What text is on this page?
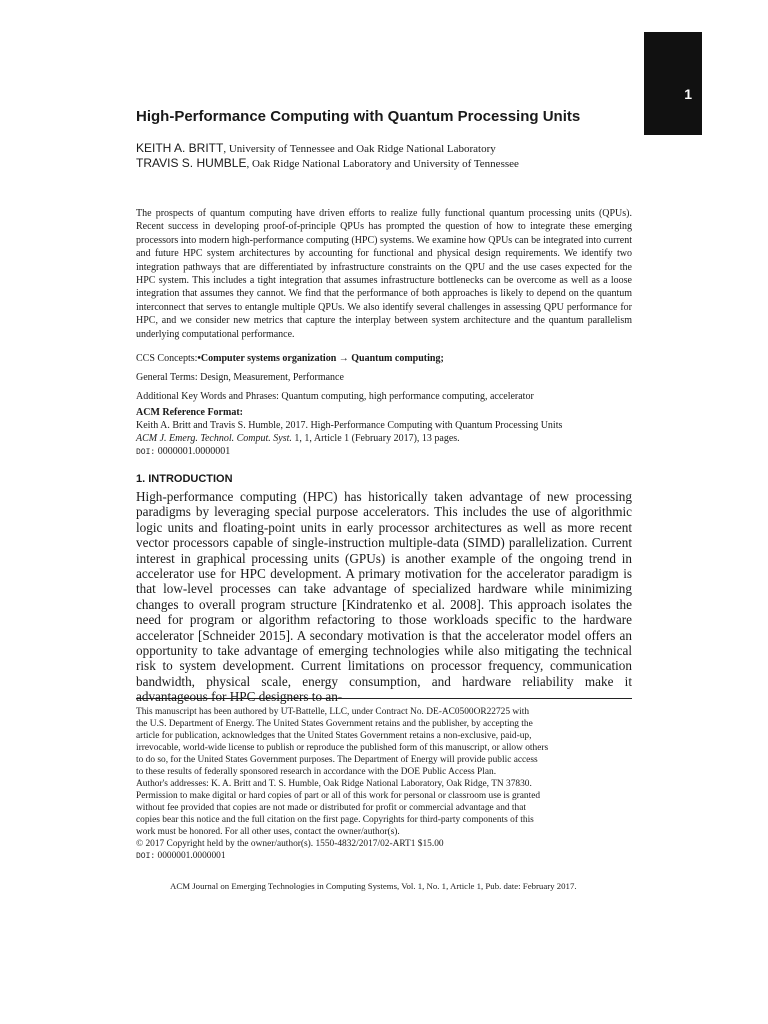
1
High-Performance Computing with Quantum Processing Units
KEITH A. BRITT, University of Tennessee and Oak Ridge National Laboratory
TRAVIS S. HUMBLE, Oak Ridge National Laboratory and University of Tennessee

The prospects of quantum computing have driven efforts to realize fully functional quantum processing units (QPUs). Recent success in developing proof-of-principle QPUs has prompted the question of how to integrate these emerging processors into modern high-performance computing (HPC) systems. We examine how QPUs can be integrated into current and future HPC system architectures by accounting for functional and physical design requirements. We identify two integration pathways that are differentiated by infrastructure constraints on the QPU and the use cases expected for the HPC system. This includes a tight integration that assumes infrastructure bottlenecks can be overcome as well as a loose integration that assumes they cannot. We find that the performance of both approaches is likely to depend on the quantum interconnect that serves to entangle multiple QPUs. We also identify several challenges in assessing QPU performance for HPC, and we consider new metrics that capture the interplay between system architecture and the quantum parallelism underlying computational performance.

CCS Concepts:•Computer systems organization → Quantum computing;
General Terms: Design, Measurement, Performance
Additional Key Words and Phrases: Quantum computing, high performance computing, accelerator
ACM Reference Format:
Keith A. Britt and Travis S. Humble, 2017. High-Performance Computing with Quantum Processing Units
ACM J. Emerg. Technol. Comput. Syst. 1, 1, Article 1 (February 2017), 13 pages.
DOI: 0000001.0000001
1. INTRODUCTION

High-performance computing (HPC) has historically taken advantage of new processing paradigms by leveraging special purpose accelerators. This includes the use of algorithmic logic units and floating-point units in early processor architectures as well as more recent vector processors capable of single-instruction multiple-data (SIMD) parallelization. Current interest in graphical processing units (GPUs) is another example of the ongoing trend in accelerator use for HPC development. A primary motivation for the accelerator paradigm is that low-level processes can take advantage of specialized hardware while minimizing changes to overall program structure [Kindratenko et al. 2008]. This approach isolates the need for program or algorithm refactoring to those workloads specific to the hardware accelerator [Schneider 2015]. A secondary motivation is that the accelerator model offers an opportunity to take advantage of emerging technologies while also mitigating the technical risk to system development. Current limitations on processor frequency, communication bandwidth, physical scale, energy consumption, and hardware reliability make it advantageous for HPC designers to an-

This manuscript has been authored by UT-Battelle, LLC, under Contract No. DE-AC0500OR22725 with
the U.S. Department of Energy. The United States Government retains and the publisher, by accepting the
article for publication, acknowledges that the United States Government retains a non-exclusive, paid-up,
irrevocable, world-wide license to publish or reproduce the published form of this manuscript, or allow others
to do so, for the United States Government purposes. The Department of Energy will provide public access
to these results of federally sponsored research in accordance with the DOE Public Access Plan.
Author's addresses: K. A. Britt and T. S. Humble, Oak Ridge National Laboratory, Oak Ridge, TN 37830.
Permission to make digital or hard copies of part or all of this work for personal or classroom use is granted
without fee provided that copies are not made or distributed for profit or commercial advantage and that
copies bear this notice and the full citation on the first page. Copyrights for third-party components of this
work must be honored. For all other uses, contact the owner/author(s).
© 2017 Copyright held by the owner/author(s). 1550-4832/2017/02-ART1 $15.00
DOI: 0000001.0000001
ACM Journal on Emerging Technologies in Computing Systems, Vol. 1, No. 1, Article 1, Pub. date: February 2017.
